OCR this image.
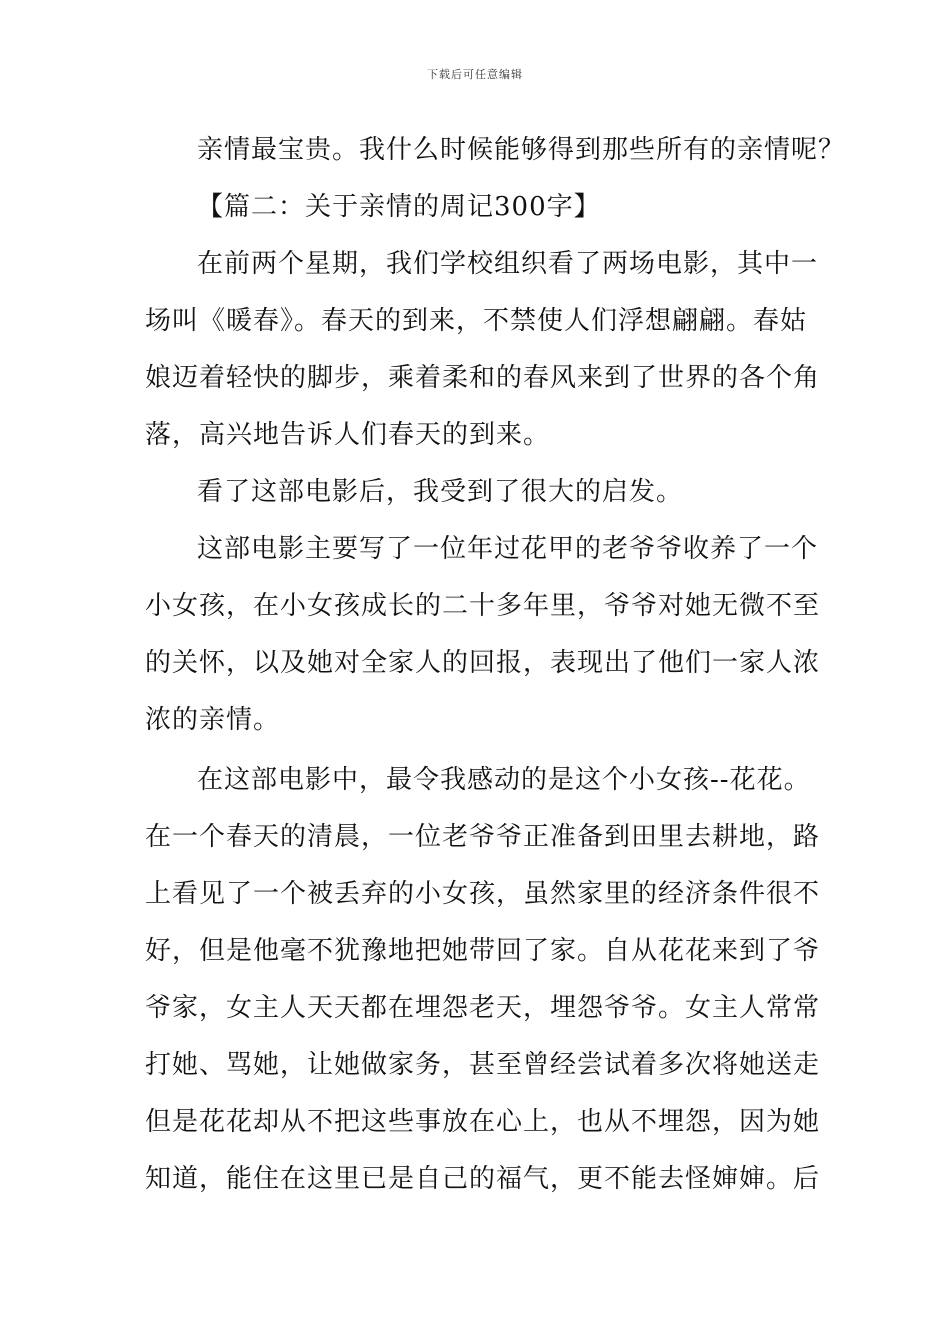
下载后可任意编辑
亲情最宝贵。我什么时候能够得到那些所有的亲情呢？
【篇二：关于亲情的周记300字】
在前两个星期，我们学校组织看了两场电影，其中一
场叫《暖春》。春天的到来，不禁使人们浮想翩翩。春姑
娘迈着轻快的脚步，乘着柔和的春风来到了世界的各个角
落，高兴地告诉人们春天的到来。
看了这部电影后，我受到了很大的启发。
这部电影主要写了一位年过花甲的老爷爷收养了一个
小女孩，在小女孩成长的二十多年里，爷爷对她无微不至
的关怀，以及她对全家人的回报，表现出了他们一家人浓
浓的亲情。
在这部电影中，最令我感动的是这个小女孩--花花。
在一个春天的清晨，一位老爷爷正准备到田里去耕地，路
上看见了一个被丢弃的小女孩，虽然家里的经济条件很不
好，但是他毫不犹豫地把她带回了家。自从花花来到了爷
爷家，女主人天天都在埋怨老天，埋怨爷爷。女主人常常
打她、骂她，让她做家务，甚至曾经尝试着多次将她送走
但是花花却从不把这些事放在心上，也从不埋怨，因为她
知道，能住在这里已是自己的福气，更不能去怪婶婶。后
